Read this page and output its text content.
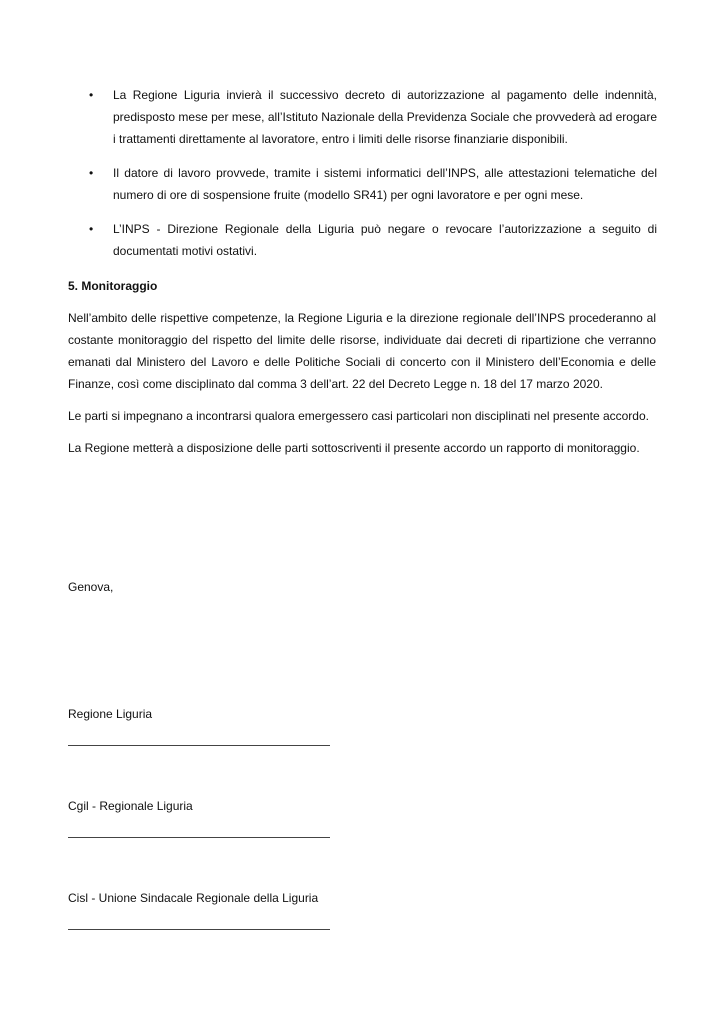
•	La Regione Liguria invierà il successivo decreto di autorizzazione al pagamento delle indennità, predisposto mese per mese, all’Istituto Nazionale della Previdenza Sociale che provvederà ad erogare i trattamenti direttamente al lavoratore, entro i limiti delle risorse finanziarie disponibili.
•	Il datore di lavoro provvede, tramite i sistemi informatici dell’INPS, alle attestazioni telematiche del numero di ore di sospensione fruite (modello SR41) per ogni lavoratore e per ogni mese.
•	L’INPS - Direzione Regionale della Liguria può negare o revocare l’autorizzazione a seguito di documentati motivi ostativi.
5. Monitoraggio

Nell’ambito delle rispettive competenze, la Regione Liguria e la direzione regionale dell’INPS procederanno al costante monitoraggio del rispetto del limite delle risorse, individuate dai decreti di ripartizione che verranno emanati dal Ministero del Lavoro e delle Politiche Sociali di concerto con il Ministero dell’Economia e delle Finanze, così come disciplinato dal comma 3 dell’art. 22 del Decreto Legge n. 18 del 17 marzo 2020.

Le parti si impegnano a incontrarsi qualora emergessero casi particolari non disciplinati nel presente accordo.

La Regione metterà a disposizione delle parti sottoscriventi il presente accordo un rapporto di monitoraggio.

Genova,
Regione Liguria
Cgil - Regionale Liguria
Cisl - Unione Sindacale Regionale della Liguria
